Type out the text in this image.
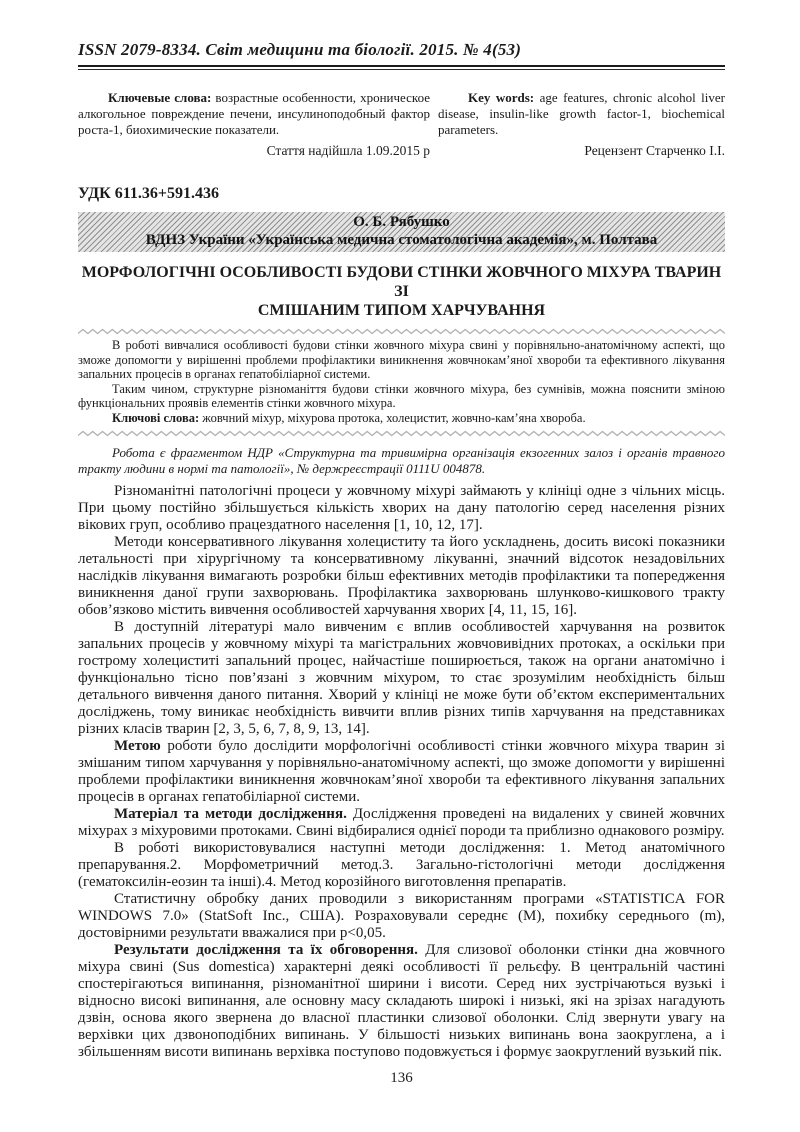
ISSN 2079-8334. Світ медицини та біології. 2015. № 4(53)

Ключевые слова: возрастные особенности, хроническое алкогольное повреждение печени, инсулиноподобный фактор роста-1, биохимические показатели.

Стаття надійшла 1.09.2015 р

Key words: age features, chronic alcohol liver disease, insulin-like growth factor-1, biochemical parameters.

Рецензент Старченко І.І.
УДК 611.36+591.436
О. Б. Рябушко
ВДНЗ України «Українська медична стоматологічна академія», м. Полтава
МОРФОЛОГІЧНІ ОСОБЛИВОСТІ БУДОВИ СТІНКИ ЖОВЧНОГО МІХУРА ТВАРИН ЗІ
СМІШАНИМ ТИПОМ ХАРЧУВАННЯ

В роботі вивчалися особливості будови стінки жовчного міхура свині у порівняльно-анатомічному аспекті, що зможе допомогти у вирішенні проблеми профілактики виникнення жовчнокам’яної хвороби та ефективного лікування запальних процесів в органах гепатобіліарної системи.

Таким чином, структурне різноманіття будови стінки жовчного міхура, без сумнівів, можна пояснити зміною функціональних проявів елементів стінки жовчного міхура.

Ключові слова: жовчний міхур, міхурова протока, холецистит, жовчно-кам’яна хвороба.

Робота є фрагментом НДР «Структурна та тривимірна організація екзогенних залоз і органів травного тракту людини в нормі та патології», № держреєстрації 0111U 004878.

Різноманітні патологічні процеси у жовчному міхурі займають у клініці одне з чільних місць. При цьому постійно збільшується кількість хворих на дану патологію серед населення різних вікових груп, особливо працездатного населення [1, 10, 12, 17].

Методи консервативного лікування холециститу та його ускладнень, досить високі показники летальності при хірургічному та консервативному лікуванні, значний відсоток незадовільних наслідків лікування вимагають розробки більш ефективних методів профілактики та попередження виникнення даної групи захворювань. Профілактика захворювань шлунково-кишкового тракту обов’язково містить вивчення особливостей харчування хворих [4, 11, 15, 16].

В доступній літературі мало вивченим є вплив особливостей харчування на розвиток запальних процесів у жовчному міхурі та магістральних жовчовивідних протоках, а оскільки при гострому холециститі запальний процес, найчастіше поширюється, також на органи анатомічно і функціонально тісно пов’язані з жовчним міхуром, то стає зрозумілим необхідність більш детального вивчення даного питання. Хворий у клініці не може бути об’єктом експериментальних досліджень, тому виникає необхідність вивчити вплив різних типів харчування на представниках різних класів тварин [2, 3, 5, 6, 7, 8, 9, 13, 14].

Метою роботи було дослідити морфологічні особливості стінки жовчного міхура тварин зі змішаним типом харчування у порівняльно-анатомічному аспекті, що зможе допомогти у вирішенні проблеми профілактики виникнення жовчнокам’яної хвороби та ефективного лікування запальних процесів в органах гепатобіліарної системи.

Матеріал та методи дослідження. Дослідження проведені на видалених у свиней жовчних міхурах з міхуровими протоками. Свині відбиралися однієї породи та приблизно однакового розміру.

В роботі використовувалися наступні методи дослідження: 1. Метод анатомічного препарування.2. Морфометричний метод.3. Загально-гістологічні методи дослідження (гематоксилін-еозин та інші).4. Метод корозійного виготовлення препаратів.

Статистичну обробку даних проводили з використанням програми «STATISTICA FOR WINDOWS 7.0» (StatSoft Inc., США). Розраховували середнє (М), похибку середнього (m), достовірними результати вважалися при р<0,05.

Результати дослідження та їх обговорення. Для слизової оболонки стінки дна жовчного міхура свині (Sus domestica) характерні деякі особливості її рельєфу. В центральній частині спостерігаються випинання, різноманітної ширини і висоти. Серед них зустрічаються вузькі і відносно високі випинання, але основну масу складають широкі і низькі, які на зрізах нагадують дзвін, основа якого звернена до власної пластинки слизової оболонки. Слід звернути увагу на верхівки цих дзвоноподібних випинань. У більшості низьких випинань вона заокруглена, а і збільшенням висоти випинань верхівка поступово подовжується і формує заокруглений вузький пік.

136
